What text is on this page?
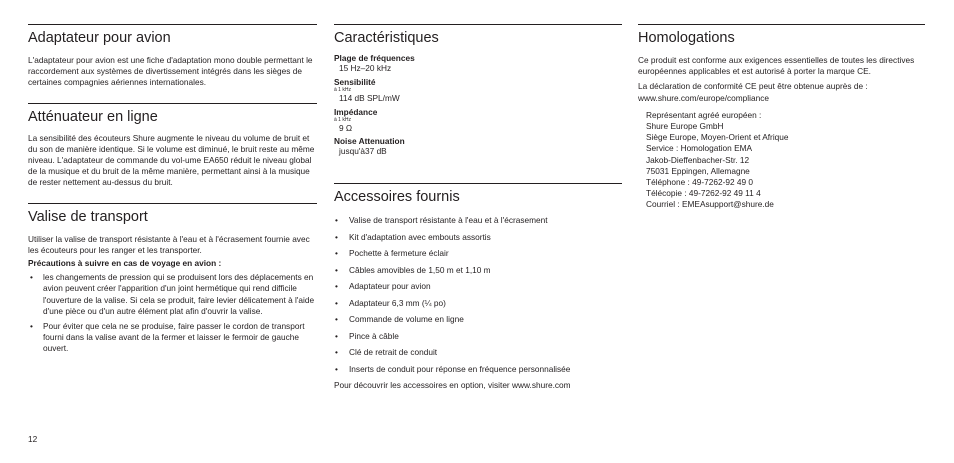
Adaptateur pour avion

L'adaptateur pour avion est une fiche d'adaptation mono double permettant le raccordement aux systèmes de divertissement intégrés dans les sièges de certaines compagnies aériennes internationales.

Atténuateur en ligne

La sensibilité des écouteurs Shure augmente le niveau du volume de bruit et du son de manière identique. Si le volume est diminué, le bruit reste au même niveau. L'adaptateur de commande du vol-ume EA650 réduit le niveau global de la musique et du bruit de la même manière, permettant ainsi à la musique de rester nettement au-dessus du bruit.

Valise de transport

Utiliser la valise de transport résistante à l'eau et à l'écrasement fournie avec les écouteurs pour les ranger et les transporter.

Précautions à suivre en cas de voyage en avion :

• les changements de pression qui se produisent lors des déplacements en avion peuvent créer l'apparition d'un joint hermétique qui rend difficile l'ouverture de la valise. Si cela se produit, faire levier délicatement à l'aide d'une pièce ou d'un autre élément plat afin d'ouvrir la valise.
• Pour éviter que cela ne se produise, faire passer le cordon de transport fourni dans la valise avant de la fermer et laisser le fermoir de gauche ouvert.
Caractéristiques
Plage de fréquences
15 Hz–20 kHz
Sensibilité
à 1 kHz
114 dB SPL/mW
Impédance
à 1 kHz
9 Ω
Noise Attenuation
jusqu'à37 dB
Accessoires fournis
• Valise de transport résistante à l'eau et à l'écrasement
• Kit d'adaptation avec embouts assortis
• Pochette à fermeture éclair
• Câbles amovibles de 1,50 m et 1,10 m
• Adaptateur pour avion
• Adaptateur 6,3 mm (¼ po)
• Commande de volume en ligne
• Pince à câble
• Clé de retrait de conduit
• Inserts de conduit pour réponse en fréquence personnalisée

Pour découvrir les accessoires en option, visiter www.shure.com

Homologations

Ce produit est conforme aux exigences essentielles de toutes les directives européennes applicables et est autorisé à porter la marque CE.

La déclaration de conformité CE peut être obtenue auprès de : www.shure.com/europe/compliance

Représentant agréé européen :

Shure Europe GmbH

Siège Europe, Moyen-Orient et Afrique

Service : Homologation EMA

Jakob-Dieffenbacher-Str. 12

75031 Eppingen, Allemagne

Téléphone : 49-7262-92 49 0

Télécopie : 49-7262-92 49 11 4

Courriel : EMEAsupport@shure.de

12
